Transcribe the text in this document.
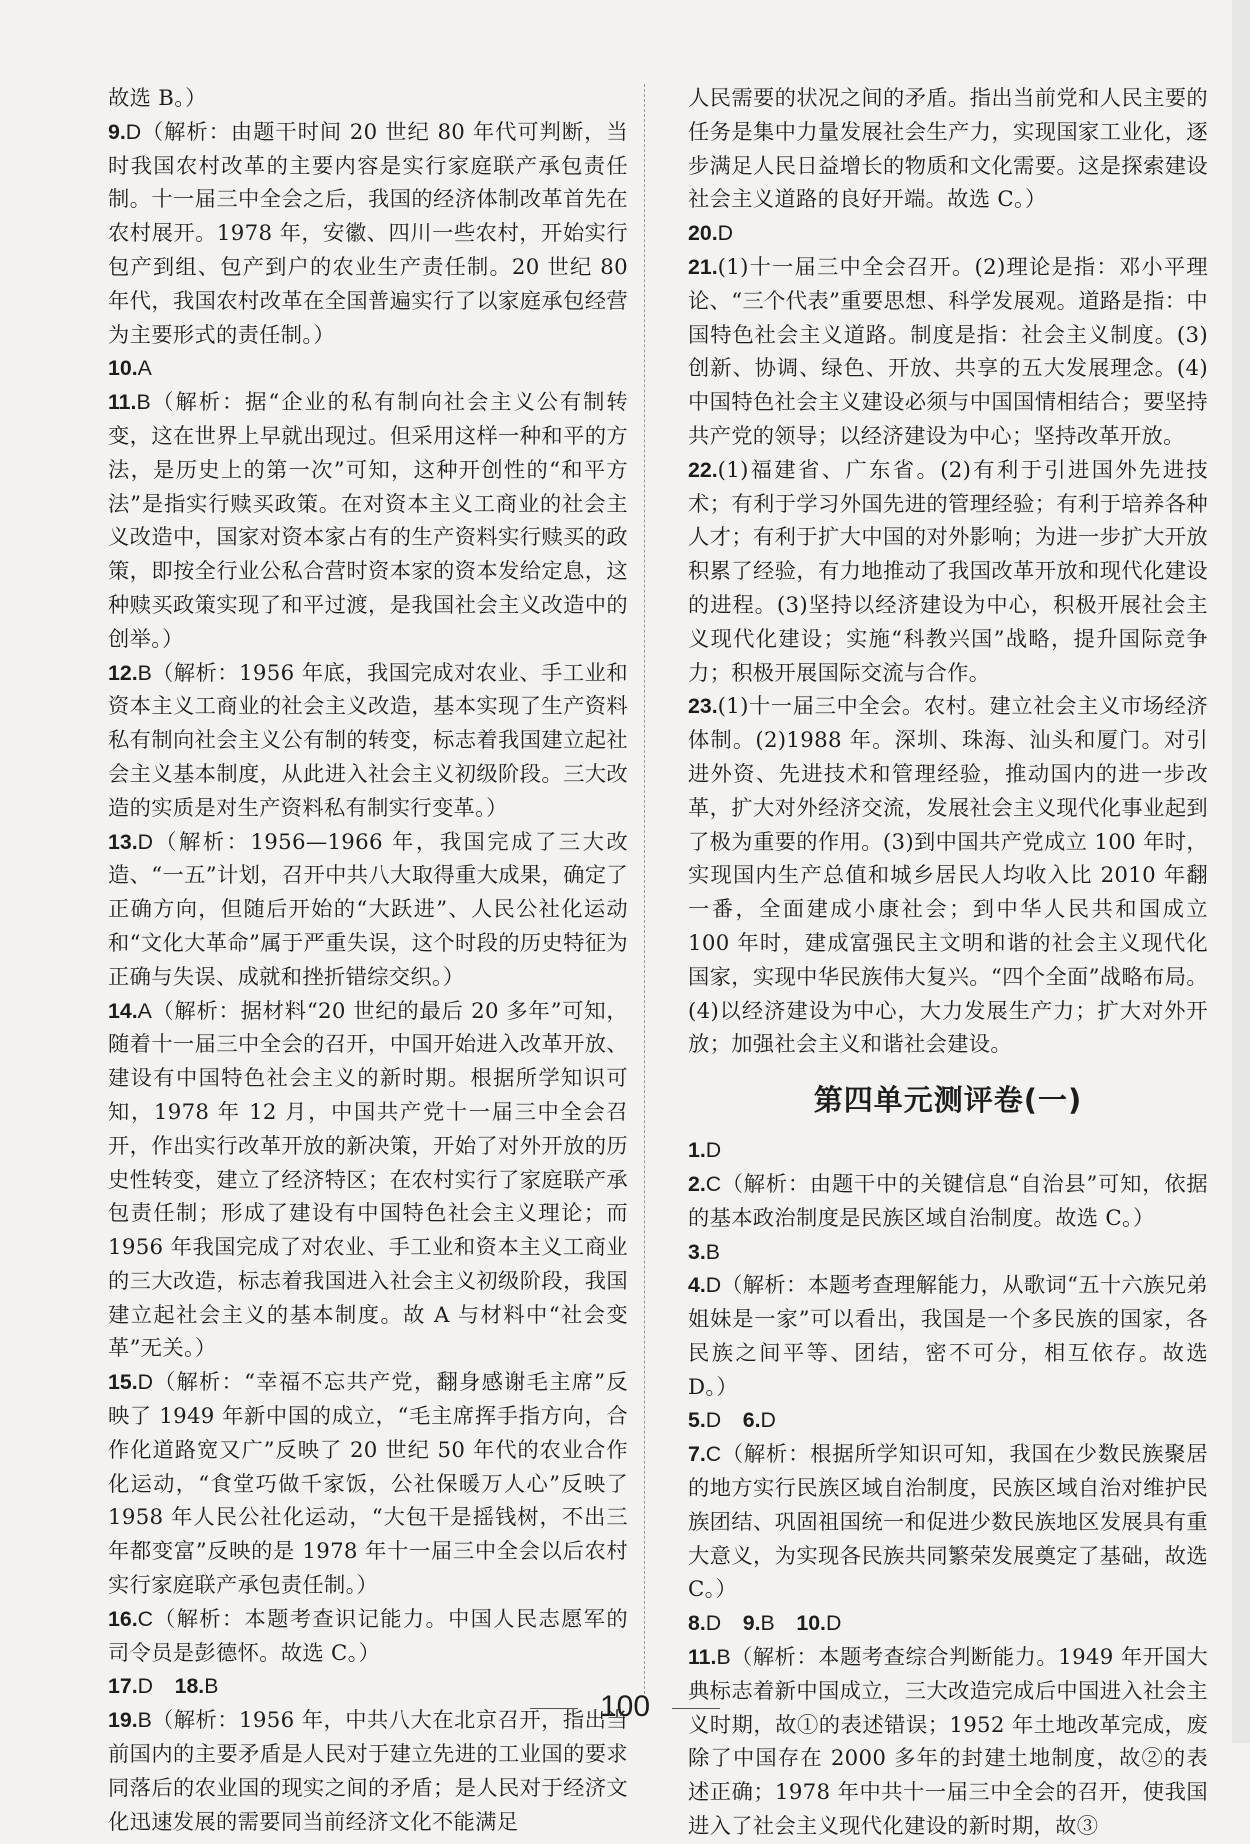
故选 B。）
9.D（解析：由题干时间 20 世纪 80 年代可判断，当时我国农村改革的主要内容是实行家庭联产承包责任制。十一届三中全会之后，我国的经济体制改革首先在农村展开。1978 年，安徽、四川一些农村，开始实行包产到组、包产到户的农业生产责任制。20 世纪 80 年代，我国农村改革在全国普遍实行了以家庭承包经营为主要形式的责任制。）
10.A
11.B（解析：据“企业的私有制向社会主义公有制转变，这在世界上早就出现过。但采用这样一种和平的方法，是历史上的第一次”可知，这种开创性的“和平方法”是指实行赎买政策。在对资本主义工商业的社会主义改造中，国家对资本家占有的生产资料实行赎买的政策，即按全行业公私合营时资本家的资本发给定息，这种赎买政策实现了和平过渡，是我国社会主义改造中的创举。）
12.B（解析：1956 年底，我国完成对农业、手工业和资本主义工商业的社会主义改造，基本实现了生产资料私有制向社会主义公有制的转变，标志着我国建立起社会主义基本制度，从此进入社会主义初级阶段。三大改造的实质是对生产资料私有制实行变革。）
13.D（解析：1956—1966 年，我国完成了三大改造、“一五”计划，召开中共八大取得重大成果，确定了正确方向，但随后开始的“大跃进”、人民公社化运动和“文化大革命”属于严重失误，这个时段的历史特征为正确与失误、成就和挫折错综交织。）
14.A（解析：据材料“20 世纪的最后 20 多年”可知，随着十一届三中全会的召开，中国开始进入改革开放、建设有中国特色社会主义的新时期。根据所学知识可知，1978 年 12 月，中国共产党十一届三中全会召开，作出实行改革开放的新决策，开始了对外开放的历史性转变，建立了经济特区；在农村实行了家庭联产承包责任制；形成了建设有中国特色社会主义理论；而 1956 年我国完成了对农业、手工业和资本主义工商业的三大改造，标志着我国进入社会主义初级阶段，我国建立起社会主义的基本制度。故 A 与材料中“社会变革”无关。）
15.D（解析：“幸福不忘共产党，翻身感谢毛主席”反映了 1949 年新中国的成立，“毛主席挥手指方向，合作化道路宽又广”反映了 20 世纪 50 年代的农业合作化运动，“食堂巧做千家饭，公社保暖万人心”反映了 1958 年人民公社化运动，“大包干是摇钱树，不出三年都变富”反映的是 1978 年十一届三中全会以后农村实行家庭联产承包责任制。）
16.C（解析：本题考查识记能力。中国人民志愿军的司令员是彭德怀。故选 C。）
17.D  18.B
19.B（解析：1956 年，中共八大在北京召开，指出当前国内的主要矛盾是人民对于建立先进的工业国的要求同落后的农业国的现实之间的矛盾；是人民对于经济文化迅速发展的需要同当前经济文化不能满足
人民需要的状况之间的矛盾。指出当前党和人民主要的任务是集中力量发展社会生产力，实现国家工业化，逐步满足人民日益增长的物质和文化需要。这是探索建设社会主义道路的良好开端。故选 C。）
20.D
21.(1)十一届三中全会召开。(2)理论是指：邓小平理论、“三个代表”重要思想、科学发展观。道路是指：中国特色社会主义道路。制度是指：社会主义制度。(3)创新、协调、绿色、开放、共享的五大发展理念。(4)中国特色社会主义建设必须与中国国情相结合；要坚持共产党的领导；以经济建设为中心；坚持改革开放。
22.(1)福建省、广东省。(2)有利于引进国外先进技术；有利于学习外国先进的管理经验；有利于培养各种人才；有利于扩大中国的对外影响；为进一步扩大开放积累了经验，有力地推动了我国改革开放和现代化建设的进程。(3)坚持以经济建设为中心，积极开展社会主义现代化建设；实施“科教兴国”战略，提升国际竞争力；积极开展国际交流与合作。
23.(1)十一届三中全会。农村。建立社会主义市场经济体制。(2)1988 年。深圳、珠海、汕头和厦门。对引进外资、先进技术和管理经验，推动国内的进一步改革，扩大对外经济交流，发展社会主义现代化事业起到了极为重要的作用。(3)到中国共产党成立 100 年时，实现国内生产总值和城乡居民人均收入比 2010 年翻一番，全面建成小康社会；到中华人民共和国成立 100 年时，建成富强民主文明和谐的社会主义现代化国家，实现中华民族伟大复兴。“四个全面”战略布局。(4)以经济建设为中心，大力发展生产力；扩大对外开放；加强社会主义和谐社会建设。
第四单元测评卷(一)
1.D
2.C（解析：由题干中的关键信息“自治县”可知，依据的基本政治制度是民族区域自治制度。故选 C。）
3.B
4.D（解析：本题考查理解能力，从歌词“五十六族兄弟姐妹是一家”可以看出，我国是一个多民族的国家，各民族之间平等、团结，密不可分，相互依存。故选 D。）
5.D  6.D
7.C（解析：根据所学知识可知，我国在少数民族聚居的地方实行民族区域自治制度，民族区域自治对维护民族团结、巩固祖国统一和促进少数民族地区发展具有重大意义，为实现各民族共同繁荣发展奠定了基础，故选 C。）
8.D  9.B  10.D
11.B（解析：本题考查综合判断能力。1949 年开国大典标志着新中国成立，三大改造完成后中国进入社会主义时期，故①的表述错误；1952 年土地改革完成，废除了中国存在 2000 多年的封建土地制度，故②的表述正确；1978 年中共十一届三中全会的召开，使我国进入了社会主义现代化建设的新时期，故③
100
